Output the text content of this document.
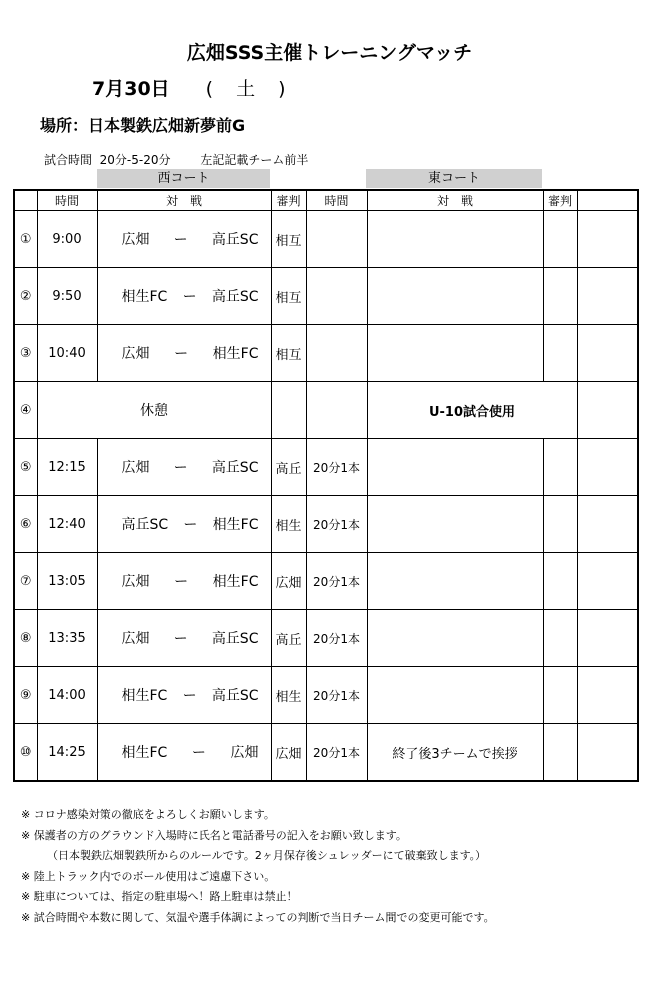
広畑SSS主催トレーニングマッチ
7月30日 (　土　)
場所：日本製鉄広畑新夢前G
試合時間 20分-5-20分 左記記載チーム前半
西コート	東コート
	時間	対　戦	審判	時間	対　戦	審判	
①	9:00	広畑 ー 高丘SC	相互				
②	9:50	相生FC ー 高丘SC	相互				
③	10:40	広畑 ー 相生FC	相互				
④	休憩				U-10試合使用		
⑤	12:15	広畑 ー 高丘SC	高丘	20分1本			
⑥	12:40	高丘SC ー 相生FC	相生	20分1本			
⑦	13:05	広畑 ー 相生FC	広畑	20分1本			
⑧	13:35	広畑 ー 高丘SC	高丘	20分1本			
⑨	14:00	相生FC ー 高丘SC	相生	20分1本			
⑩	14:25	相生FC ー 広畑	広畑	20分1本	終了後3チームで挨拶		
※ コロナ感染対策の徹底をよろしくお願いします。
※ 保護者の方のグラウンド入場時に氏名と電話番号の記入をお願い致します。
（日本製鉄広畑製鉄所からのルールです。2ヶ月保存後シュレッダーにて破棄致します。）
※ 陸上トラック内でのボール使用はご遠慮下さい。
※ 駐車については、指定の駐車場へ！路上駐車は禁止！
※ 試合時間や本数に関して、気温や選手体調によっての判断で当日チーム間での変更可能です。
